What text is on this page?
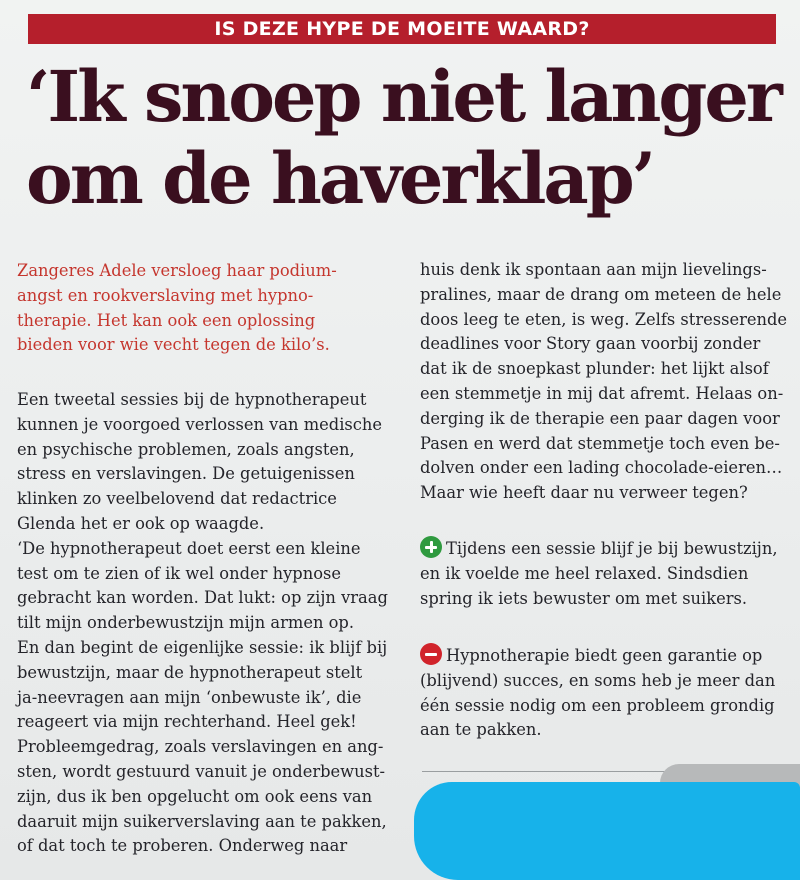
IS DEZE HYPE DE MOEITE WAARD?
‘Ik snoep niet langer
om de haverklap’
Zangeres Adele versloeg haar podium-
angst en rookverslaving met hypno-
therapie. Het kan ook een oplossing
bieden voor wie vecht tegen de kilo’s.
Een tweetal sessies bij de hypnotherapeut
kunnen je voorgoed verlossen van medische
en psychische problemen, zoals angsten,
stress en verslavingen. De getuigenissen
klinken zo veelbelovend dat redactrice
Glenda het er ook op waagde.
‘De hypnotherapeut doet eerst een kleine
test om te zien of ik wel onder hypnose
gebracht kan worden. Dat lukt: op zijn vraag
tilt mijn onderbewustzijn mijn armen op.
En dan begint de eigenlijke sessie: ik blijf bij
bewustzijn, maar de hypnotherapeut stelt
ja-neevragen aan mijn ‘onbewuste ik’, die
reageert via mijn rechterhand. Heel gek!
Probleemgedrag, zoals verslavingen en ang-
sten, wordt gestuurd vanuit je onderbewust-
zijn, dus ik ben opgelucht om ook eens van
daaruit mijn suikerverslaving aan te pakken,
of dat toch te proberen. Onderweg naar
huis denk ik spontaan aan mijn lievelings-
pralines, maar de drang om meteen de hele
doos leeg te eten, is weg. Zelfs stresserende
deadlines voor Story gaan voorbij zonder
dat ik de snoepkast plunder: het lijkt alsof
een stemmetje in mij dat afremt. Helaas on-
derging ik de therapie een paar dagen voor
Pasen en werd dat stemmetje toch even be-
dolven onder een lading chocolade-eieren…
Maar wie heeft daar nu verweer tegen?
Tijdens een sessie blijf je bij bewustzijn,
en ik voelde me heel relaxed. Sindsdien
spring ik iets bewuster om met suikers.
Hypnotherapie biedt geen garantie op
(blijvend) succes, en soms heb je meer dan
één sessie nodig om een probleem grondig
aan te pakken.
